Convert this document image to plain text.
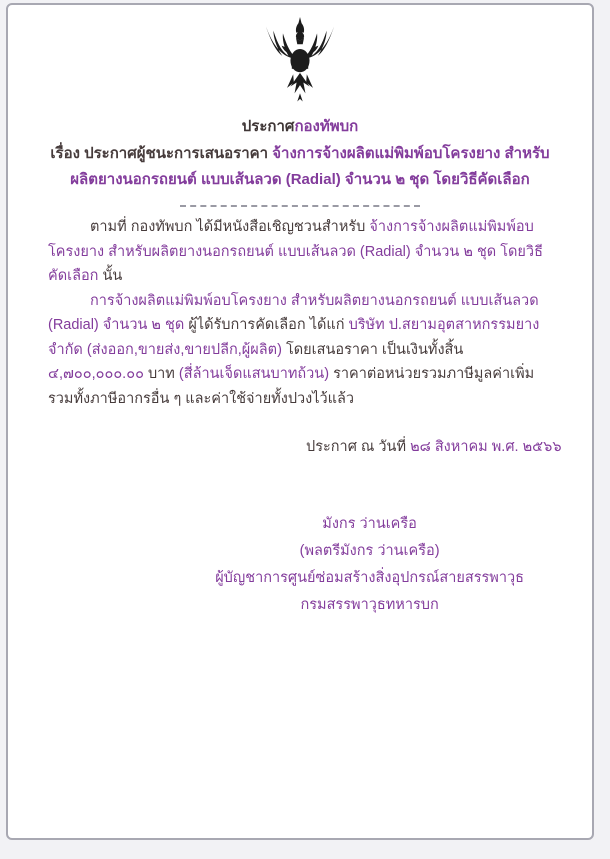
ประกาศกองทัพบก
เรื่อง ประกาศผู้ชนะการเสนอราคา จ้างการจ้างผลิตแม่พิมพ์อบโครงยาง สำหรับผลิตยางนอกรถยนต์ แบบเส้นลวด (Radial) จำนวน ๒ ชุด โดยวิธีคัดเลือก

ตามที่ กองทัพบก ได้มีหนังสือเชิญชวนสำหรับ จ้างการจ้างผลิตแม่พิมพ์อบโครงยาง สำหรับผลิตยางนอกรถยนต์ แบบเส้นลวด (Radial) จำนวน ๒ ชุด โดยวิธีคัดเลือก นั้น

การจ้างผลิตแม่พิมพ์อบโครงยาง สำหรับผลิตยางนอกรถยนต์ แบบเส้นลวด (Radial) จำนวน ๒ ชุด ผู้ได้รับการคัดเลือก ได้แก่ บริษัท ป.สยามอุตสาหกรรมยาง จำกัด (ส่งออก,ขายส่ง,ขายปลีก,ผู้ผลิต) โดยเสนอราคา เป็นเงินทั้งสิ้น ๔,๗๐๐,๐๐๐.๐๐ บาท (สี่ล้านเจ็ดแสนบาทถ้วน) ราคาต่อหน่วยรวมภาษีมูลค่าเพิ่ม รวมทั้งภาษีอากรอื่น ๆ และค่าใช้จ่ายทั้งปวงไว้แล้ว

ประกาศ ณ วันที่ ๒๘ สิงหาคม พ.ศ. ๒๕๖๖
มังกร ว่านเครือ
(พลตรีมังกร ว่านเครือ)
ผู้บัญชาการศูนย์ซ่อมสร้างสิ่งอุปกรณ์สายสรรพาวุธ
กรมสรรพาวุธทหารบก
